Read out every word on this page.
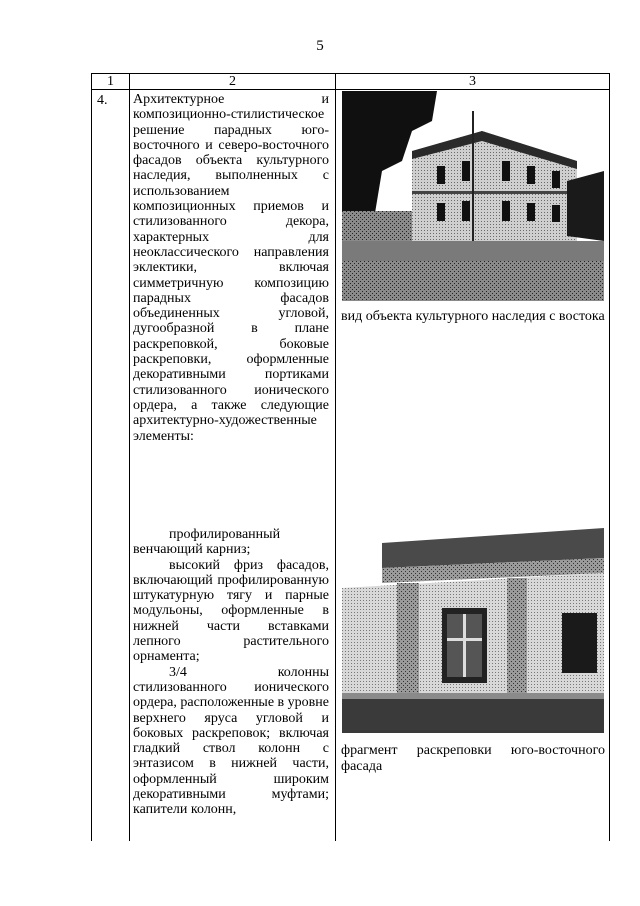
5
1	2	3
4. Архитектурное и композиционно-стилистическое решение парадных юго-восточного и северо-восточного фасадов объекта культурного наследия, выполненных с использованием композиционных приемов и стилизованного декора, характерных для неоклассического направления эклектики, включая симметричную композицию парадных фасадов объединенных угловой, дугообразной в плане раскреповкой, боковые раскреповки, оформленные декоративными портиками стилизованного ионического ордера, а также следующие архитектурно-художественные элементы:

профилированный венчающий карниз;

высокий фриз фасадов, включающий профилированную штукатурную тягу и парные модульоны, оформленные в нижней части вставками лепного растительного орнамента;

3/4 колонны стилизованного ионического ордера, расположенные в уровне верхнего яруса угловой и боковых раскреповок; включая гладкий ствол колонн с энтазисом в нижней части, оформленный широким декоративными муфтами; капители колонн,

вид объекта культурного наследия с востока
фрагмент раскреповки юго-восточного фасада
